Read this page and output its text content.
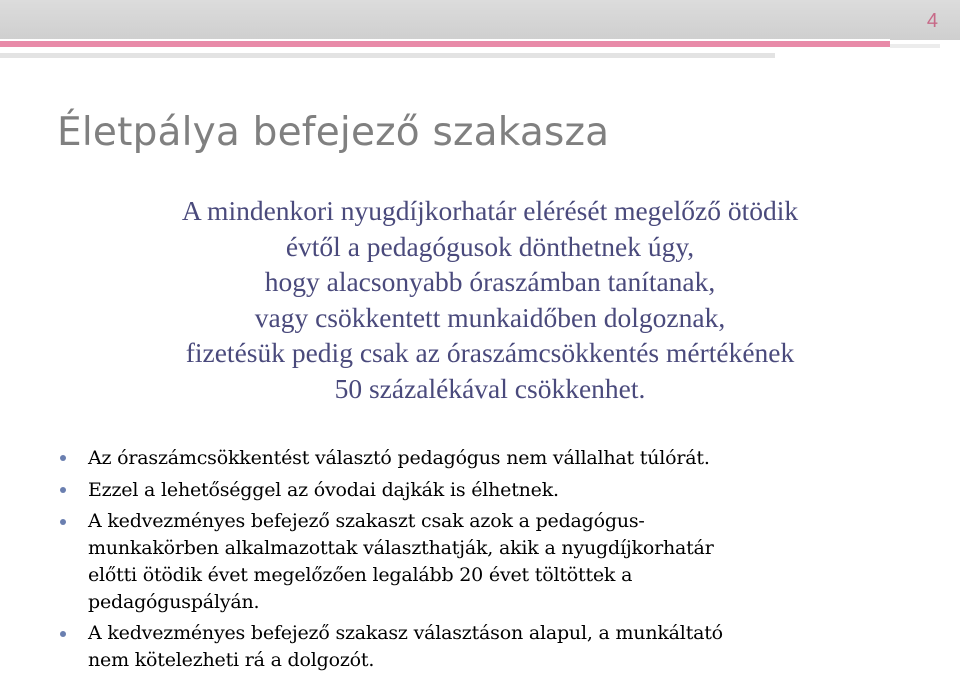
4
Életpálya befejező szakasza
A mindenkori nyugdíjkorhatár elérését megelőző ötödik
évtől a pedagógusok dönthetnek úgy,
hogy alacsonyabb óraszámban tanítanak,
vagy csökkentett munkaidőben dolgoznak,
fizetésük pedig csak az óraszámcsökkentés mértékének
50 százalékával csökkenhet.
Az óraszámcsökkentést választó pedagógus nem vállalhat túlórát.
Ezzel a lehetőséggel az óvodai dajkák is élhetnek.
A kedvezményes befejező szakaszt csak azok a pedagógus-
munkakörben alkalmazottak választhatják, akik a nyugdíjkorhatár
előtti ötödik évet megelőzően legalább 20 évet töltöttek a
pedagóguspályán.
A kedvezményes befejező szakasz választáson alapul, a munkáltató
nem kötelezheti rá a dolgozót.
